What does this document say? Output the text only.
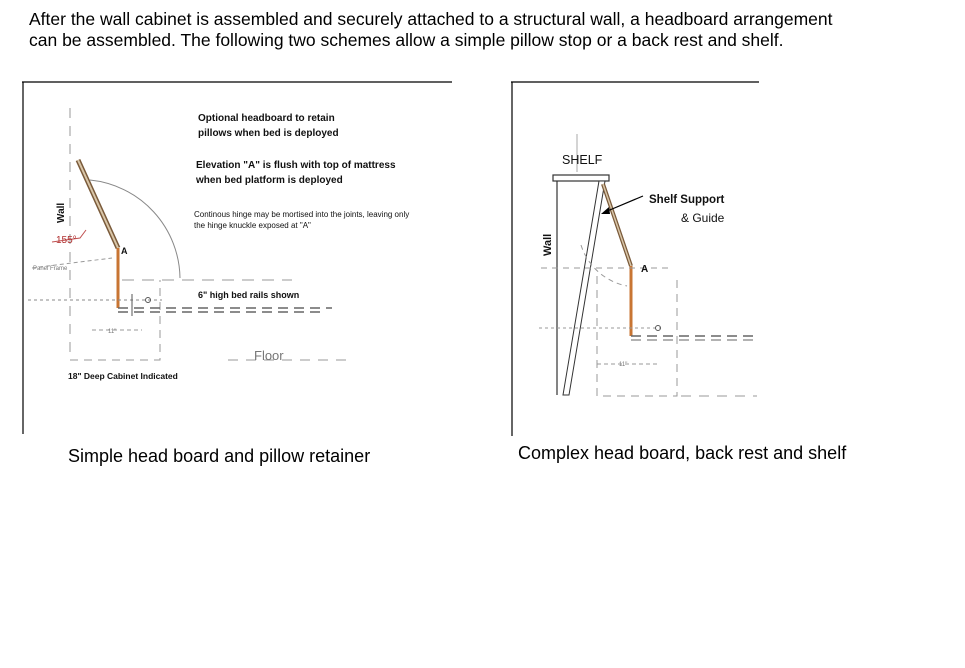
After the wall cabinet is assembled and securely attached to a structural wall, a headboard arrangement
can be assembled. The following two schemes allow a simple pillow stop or a back rest and shelf.

Optional headboard to retain
pillows when bed is deployed
Elevation "A" is flush with top of mattress
when bed platform is deployed
Continous hinge may be mortised into the joints, leaving only
the hinge knuckle exposed at "A"
6" high bed rails shown
Wall
155°
A
Panel Frame
Floor
11"
18" Deep Cabinet Indicated

Simple head board and pillow retainer

SHELF
Shelf Support
& Guide
Wall
A
11"

Complex head board, back rest and shelf
